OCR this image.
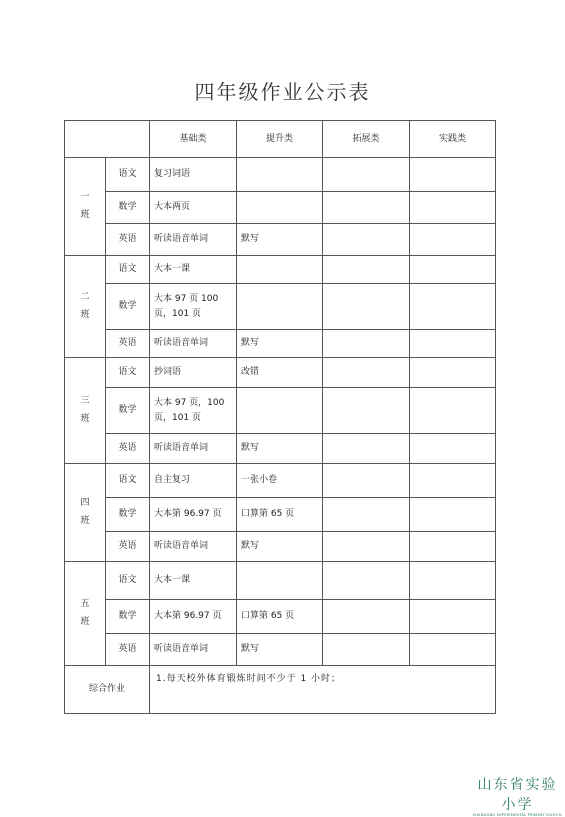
四年级作业公示表
		基础类	提升类	拓展类	实践类

一班	语文	复习词语			
	数学	大本两页			
	英语	听读语音单词	默写		

二班	语文	大本一课			
	数学	大本 97 页 100 页，101 页			
	英语	听读语音单词	默写		

三班	语文	抄词语	改错		
	数学	大本 97 页，100 页，101 页			
	英语	听读语音单词	默写		

四班	语文	自主复习	一张小卷		
	数学	大本第 96.97 页	口算第 65 页		
	英语	听读语音单词	默写		

五班	语文	大本一课			
	数学	大本第 96.97 页	口算第 65 页		
	英语	听读语音单词	默写		
综合作业		1.每天校外体育锻炼时间不少于 1 小时；			
山东省实验小学
SHANDONG EXPERIMENTAL PRIMARY SCHOOL
